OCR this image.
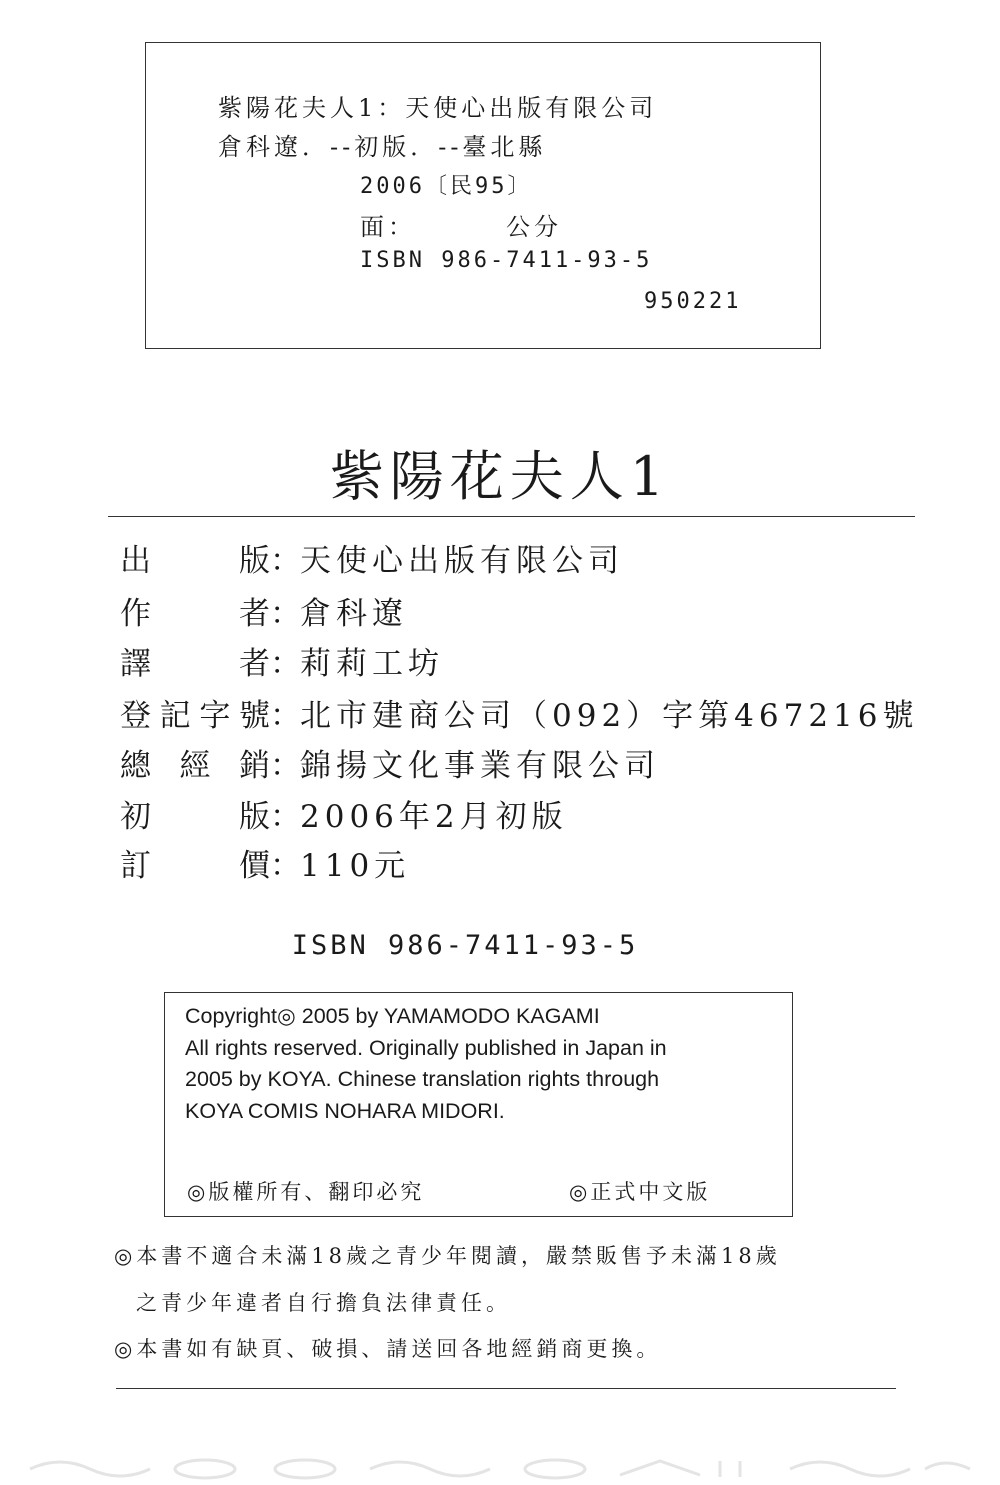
紫陽花夫人1：天使心出版有限公司
倉科遼．--初版．--臺北縣
2006〔民95〕
面：	公分
ISBN 986-7411-93-5
950221
紫陽花夫人1
出	版 ： 天使心出版有限公司
作	者 ： 倉科遼
譯	者 ： 莉莉工坊
登 記 字 號 ： 北市建商公司（092）字第467216號
總 經 銷 ： 錦揚文化事業有限公司
初	版 ： 2006年2月初版
訂	價 ： 110元
ISBN 986-7411-93-5
Copyright◎ 2005 by YAMAMODO KAGAMI
All rights reserved. Originally published in Japan in
2005 by KOYA. Chinese translation rights through
KOYA COMIS NOHARA MIDORI.
◎版權所有、翻印必究	◎正式中文版
◎本書不適合未滿18歲之青少年閱讀，嚴禁販售予未滿18歲
之青少年違者自行擔負法律責任。
◎本書如有缺頁、破損、請送回各地經銷商更換。
